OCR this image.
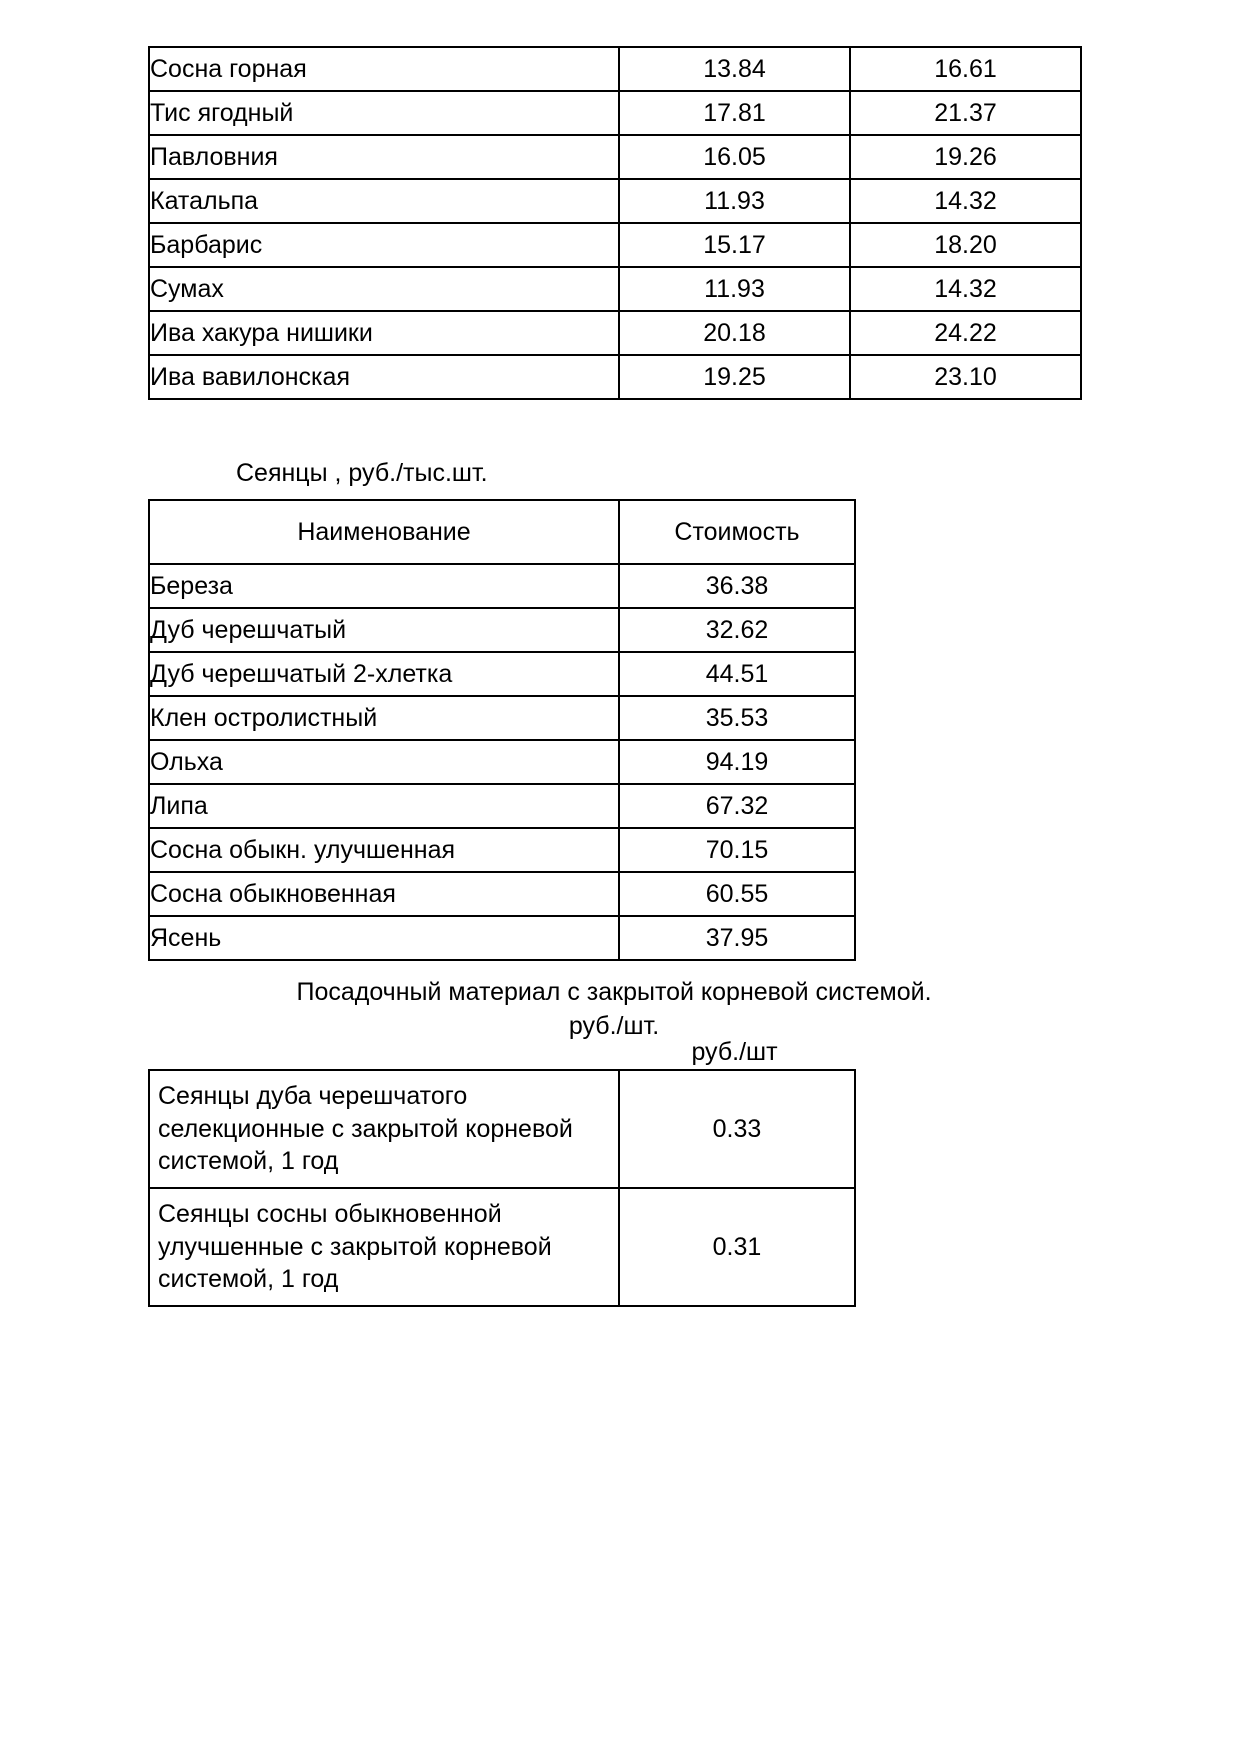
Сосна горная	13.84	16.61
Тис ягодный	17.81	21.37
Павловния	16.05	19.26
Катальпа	11.93	14.32
Барбарис	15.17	18.20
Сумах	11.93	14.32
Ива хакура нишики	20.18	24.22
Ива вавилонская	19.25	23.10
Сеянцы , руб./тыс.шт.
Наименование	Стоимость
Береза	36.38
Дуб черешчатый	32.62
Дуб черешчатый 2-хлетка	44.51
Клен остролистный	35.53
Ольха	94.19
Липа	67.32
Сосна обыкн. улучшенная	70.15
Сосна обыкновенная	60.55
Ясень	37.95
Посадочный материал с закрытой корневой системой.
руб./шт.
руб./шт
Сеянцы дуба черешчатого селекционные с закрытой корневой системой, 1 год	0.33
Сеянцы сосны обыкновенной улучшенные с закрытой корневой системой, 1 год	0.31
